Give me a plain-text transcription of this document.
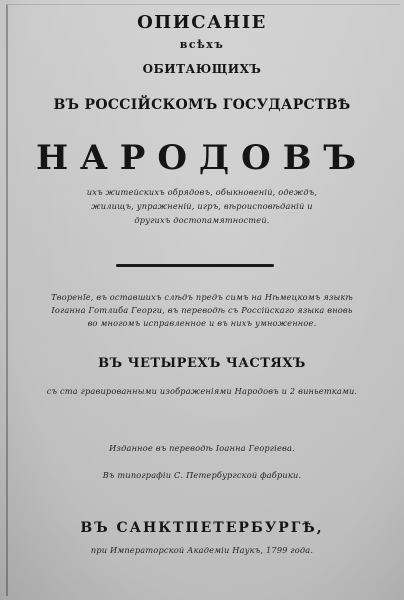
ОПИСАНІЕ
всѣхъ
ОБИТАЮЩИХЪ
ВЪ РОССІЙСКОМЪ ГОСУДАРСТВѢ
НАРОДОВЪ
ихъ житейскихъ обрядовъ, обыкновеній, одеждъ,
жилищъ, упражненій, игръ, вѣроисповѣданій и
другихъ достопамятностей.
Творенїе, въ оставшихъ слѣдъ предъ симъ на Нѣмецкомъ языкѣ
Іоганна Готлиба Георги, въ переводѣ съ Россійскаго языка вновь
во многомъ исправленное и въ нихъ умноженное.
ВЪ ЧЕТЫРЕХЪ ЧАСТЯХЪ
съ ста гравированными изображеніями Народовъ и 2 виньетками.
Изданное въ переводѣ Іоанна Георгіева.
Въ типографіи С. Петербургской фабрики.
ВЪ САНКТПЕТЕРБУРГѢ,
при Императорской Академіи Наукъ, 1799 года.
